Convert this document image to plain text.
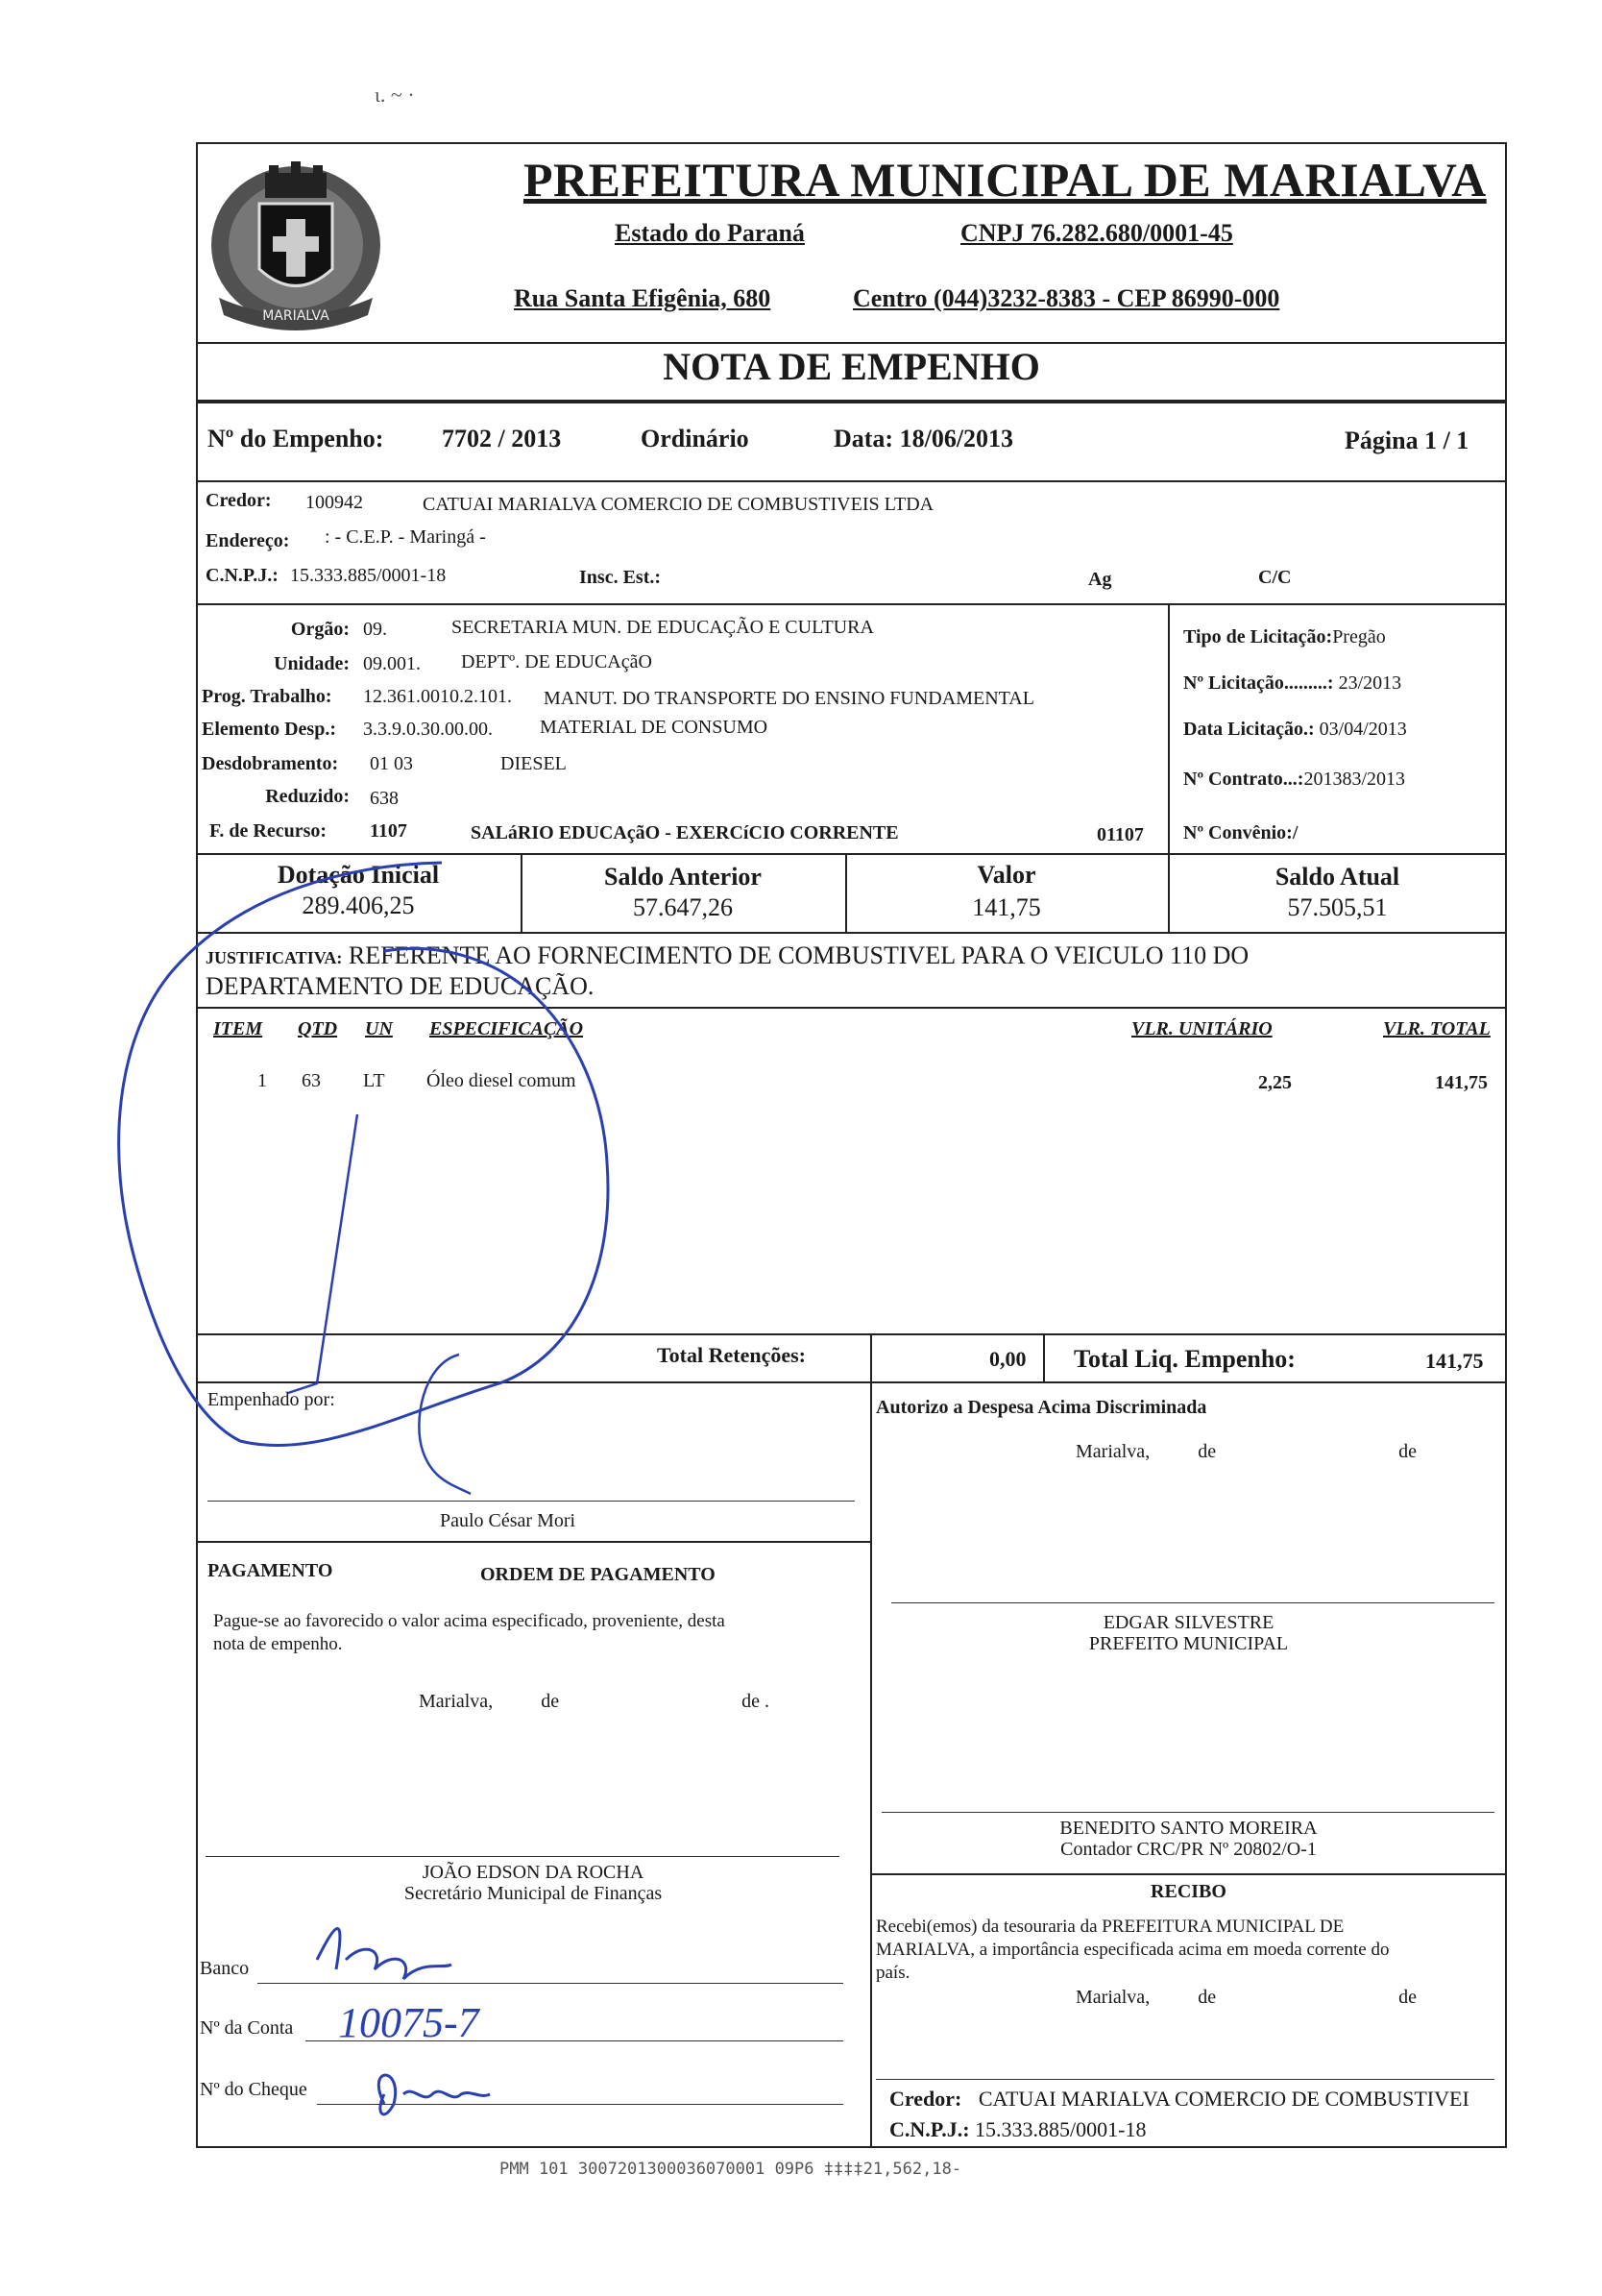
ι. ~ ·
MARIALVA
PREFEITURA MUNICIPAL DE MARIALVA
Estado do Paraná	CNPJ 76.282.680/0001-45
Rua Santa Efigênia, 680	Centro (044)3232-8383 - CEP 86990-000
NOTA DE EMPENHO
Nº do Empenho: 7702 / 2013	Ordinário	Data: 18/06/2013	Página 1 / 1
Credor: 100942	CATUAI MARIALVA COMERCIO DE COMBUSTIVEIS LTDA
Endereço: : - C.E.P. - Maringá -
C.N.P.J.: 15.333.885/0001-18	Insc. Est.:	Ag	C/C
Orgão: 09.	SECRETARIA MUN. DE EDUCAÇÃO E CULTURA
Unidade: 09.001. DEPTº. DE EDUCAçãO
Prog. Trabalho: 12.361.0010.2.101. MANUT. DO TRANSPORTE DO ENSINO FUNDAMENTAL
Elemento Desp.: 3.3.9.0.30.00.00. MATERIAL DE CONSUMO
Desdobramento: 01 03	DIESEL
Reduzido: 638
F. de Recurso: 1107	SALáRIO EDUCAçãO - EXERCíCIO CORRENTE	01107
Tipo de Licitação:Pregão
Nº Licitação.........: 23/2013
Data Licitação.: 03/04/2013
Nº Contrato...:201383/2013
Nº Convênio:/
Dotação Inicial
289.406,25
Saldo Anterior
57.647,26
Valor
141,75
Saldo Atual
57.505,51
JUSTIFICATIVA: REFERENTE AO FORNECIMENTO DE COMBUSTIVEL PARA O VEICULO 110 DO
DEPARTAMENTO DE EDUCAÇÃO.
ITEM QTD UN ESPECIFICAÇÃO	VLR. UNITÁRIO	VLR. TOTAL
1 63 LT Óleo diesel comum	2,25	141,75
Total Retenções:	0,00 Total Liq. Empenho:	141,75
Empenhado por:
Paulo César Mori
Autorizo a Despesa Acima Discriminada
Marialva,	de	de
PAGAMENTO	ORDEM DE PAGAMENTO
Pague-se ao favorecido o valor acima especificado, proveniente, desta
nota de empenho.
Marialva,	de	de .
EDGAR SILVESTRE
PREFEITO MUNICIPAL
BENEDITO SANTO MOREIRA
Contador CRC/PR Nº 20802/O-1
JOÃO EDSON DA ROCHA
Secretário Municipal de Finanças	RECIBO
Recebi(emos) da tesouraria da PREFEITURA MUNICIPAL DE
MARIALVA, a importância especificada acima em moeda corrente do
país.
Marialva,	de	de
Credor: CATUAI MARIALVA COMERCIO DE COMBUSTIVEI
C.N.P.J.: 15.333.885/0001-18
Banco
Nº da Conta 10075-7
Nº do Cheque
PMM 101 3007201300036070001 09P6 ‡‡‡‡21,562,18-
